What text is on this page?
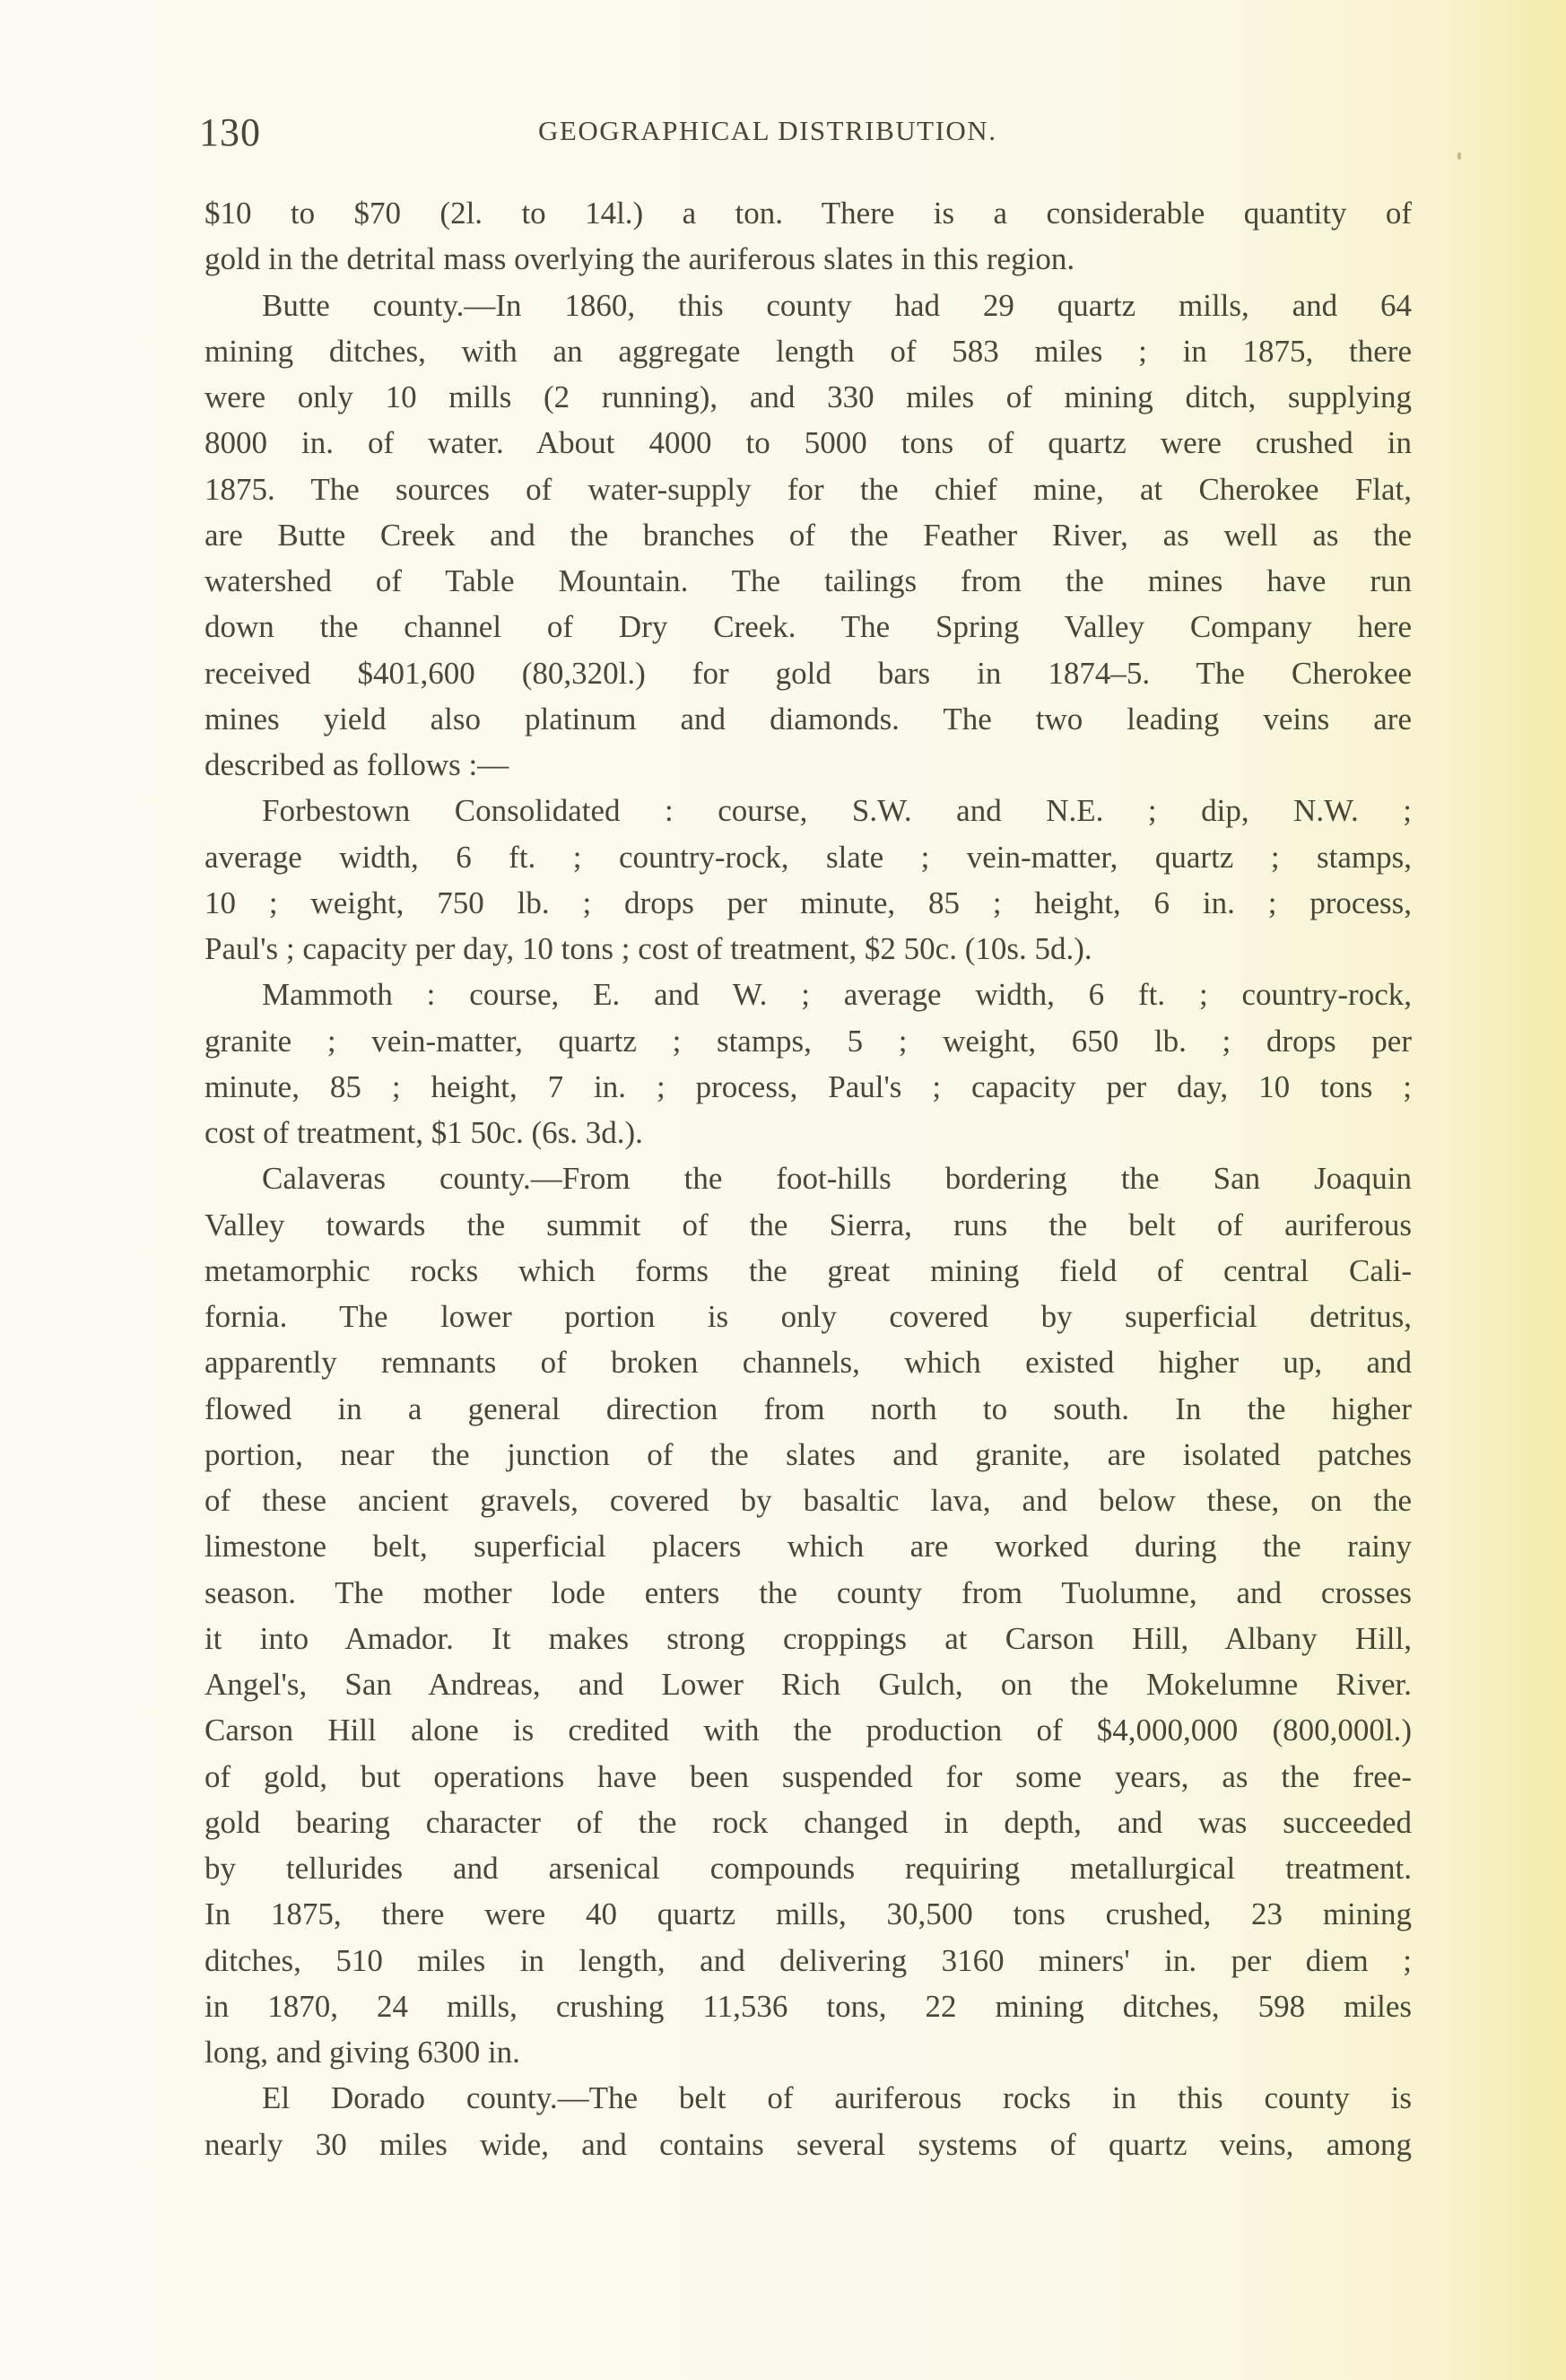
130	GEOGRAPHICAL DISTRIBUTION.
$10 to $70 (2l. to 14l.) a ton. There is a considerable quantity of
gold in the detrital mass overlying the auriferous slates in this region.
Butte county.—In 1860, this county had 29 quartz mills, and 64
mining ditches, with an aggregate length of 583 miles ; in 1875, there
were only 10 mills (2 running), and 330 miles of mining ditch, supplying
8000 in. of water. About 4000 to 5000 tons of quartz were crushed in
1875. The sources of water-supply for the chief mine, at Cherokee Flat,
are Butte Creek and the branches of the Feather River, as well as the
watershed of Table Mountain. The tailings from the mines have run
down the channel of Dry Creek. The Spring Valley Company here
received $401,600 (80,320l.) for gold bars in 1874–5. The Cherokee
mines yield also platinum and diamonds. The two leading veins are
described as follows :—
Forbestown Consolidated : course, S.W. and N.E. ; dip, N.W. ;
average width, 6 ft. ; country-rock, slate ; vein-matter, quartz ; stamps,
10 ; weight, 750 lb. ; drops per minute, 85 ; height, 6 in. ; process,
Paul's ; capacity per day, 10 tons ; cost of treatment, $2 50c. (10s. 5d.).
Mammoth : course, E. and W. ; average width, 6 ft. ; country-rock,
granite ; vein-matter, quartz ; stamps, 5 ; weight, 650 lb. ; drops per
minute, 85 ; height, 7 in. ; process, Paul's ; capacity per day, 10 tons ;
cost of treatment, $1 50c. (6s. 3d.).
Calaveras county.—From the foot-hills bordering the San Joaquin
Valley towards the summit of the Sierra, runs the belt of auriferous
metamorphic rocks which forms the great mining field of central Cali-
fornia. The lower portion is only covered by superficial detritus,
apparently remnants of broken channels, which existed higher up, and
flowed in a general direction from north to south. In the higher
portion, near the junction of the slates and granite, are isolated patches
of these ancient gravels, covered by basaltic lava, and below these, on the
limestone belt, superficial placers which are worked during the rainy
season. The mother lode enters the county from Tuolumne, and crosses
it into Amador. It makes strong croppings at Carson Hill, Albany Hill,
Angel's, San Andreas, and Lower Rich Gulch, on the Mokelumne River.
Carson Hill alone is credited with the production of $4,000,000 (800,000l.)
of gold, but operations have been suspended for some years, as the free-
gold bearing character of the rock changed in depth, and was succeeded
by tellurides and arsenical compounds requiring metallurgical treatment.
In 1875, there were 40 quartz mills, 30,500 tons crushed, 23 mining
ditches, 510 miles in length, and delivering 3160 miners' in. per diem ;
in 1870, 24 mills, crushing 11,536 tons, 22 mining ditches, 598 miles
long, and giving 6300 in.
El Dorado county.—The belt of auriferous rocks in this county is
nearly 30 miles wide, and contains several systems of quartz veins, among
